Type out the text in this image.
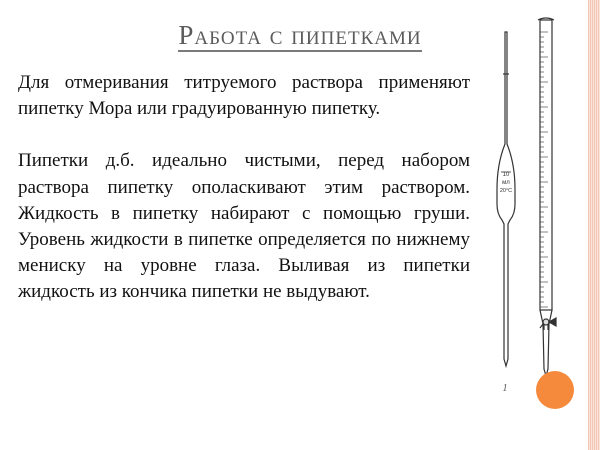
Работа с пипетками

Для отмеривания титруемого раствора применяют пипетку Мора или градуированную пипетку.

Пипетки д.б. идеально чистыми, перед набором раствора пипетку ополаскивают этим раствором. Жидкость в пипетку набирают с помощью груши. Уровень жидкости в пипетке определяется по нижнему мениску на уровне глаза. Выливая из пипетки жидкость из кончика пипетки не выдувают.

10
мл
20°С
1
